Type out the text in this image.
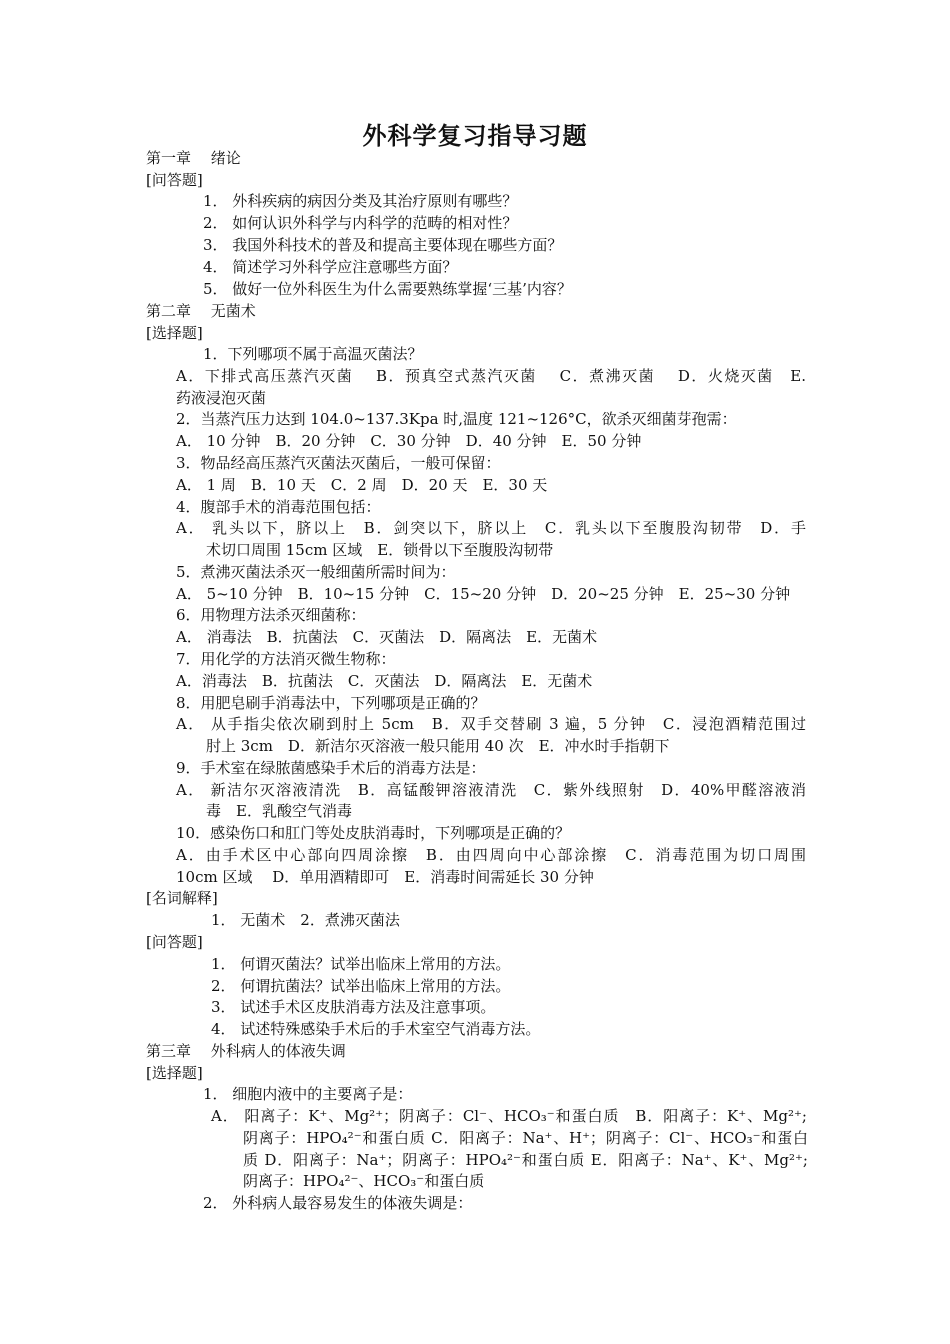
外科学复习指导习题
第一章　 绪论
[问答题]
1． 外科疾病的病因分类及其治疗原则有哪些？
2． 如何认识外科学与内科学的范畴的相对性？
3． 我国外科技术的普及和提高主要体现在哪些方面？
4． 简述学习外科学应注意哪些方面？
5． 做好一位外科医生为什么需要熟练掌握‘三基’内容？
第二章　 无菌术
[选择题]
1．下列哪项不属于高温灭菌法？
A．下排式高压蒸汽灭菌　 B．预真空式蒸汽灭菌　 C．煮沸灭菌　 D．火烧灭菌　E.
药液浸泡灭菌
2．当蒸汽压力达到 104.0~137.3Kpa 时,温度 121~126°C，欲杀灭细菌芽孢需：
A． 10 分钟　B．20 分钟　C．30 分钟　D．40 分钟　E．50 分钟
3．物品经高压蒸汽灭菌法灭菌后，一般可保留：
A． 1 周　B．10 天　C．2 周　D．20 天　E．30 天
4．腹部手术的消毒范围包括：
A． 乳头以下，脐以上　B．剑突以下，脐以上　C．乳头以下至腹股沟韧带　D．手
术切口周围 15cm 区域　E．锁骨以下至腹股沟韧带
5．煮沸灭菌法杀灭一般细菌所需时间为：
A． 5~10 分钟　B．10~15 分钟　C．15~20 分钟　D．20~25 分钟　E．25~30 分钟
6．用物理方法杀灭细菌称：
A． 消毒法　B．抗菌法　C．灭菌法　D．隔离法　E．无菌术
7．用化学的方法消灭微生物称：
A．消毒法　B．抗菌法　C．灭菌法　D．隔离法　E．无菌术
8．用肥皂刷手消毒法中，下列哪项是正确的？
A． 从手指尖依次刷到肘上 5cm　B．双手交替刷 3 遍，5 分钟　C．浸泡酒精范围过
肘上 3cm　D．新洁尔灭溶液一般只能用 40 次　E．冲水时手指朝下
9．手术室在绿脓菌感染手术后的消毒方法是：
A． 新洁尔灭溶液清洗　B．高锰酸钾溶液清洗　C．紫外线照射　D．40%甲醛溶液消
毒　E．乳酸空气消毒
10．感染伤口和肛门等处皮肤消毒时，下列哪项是正确的？
A．由手术区中心部向四周涂擦　B．由四周向中心部涂擦　C．消毒范围为切口周围
10cm 区域　 D．单用酒精即可　E．消毒时间需延长 30 分钟
[名词解释]
1． 无菌术　2．煮沸灭菌法
[问答题]
1． 何谓灭菌法？试举出临床上常用的方法。
2． 何谓抗菌法？试举出临床上常用的方法。
3． 试述手术区皮肤消毒方法及注意事项。
4． 试述特殊感染手术后的手术室空气消毒方法。
第三章　 外科病人的体液失调
[选择题]
1． 细胞内液中的主要离子是：
A． 阳离子：K⁺、Mg²⁺；阴离子：Cl⁻、HCO₃⁻和蛋白质　B．阳离子：K⁺、Mg²⁺;
阴离子：HPO₄²⁻和蛋白质 C．阳离子：Na⁺、H⁺；阴离子：Cl⁻、HCO₃⁻和蛋白
质 D．阳离子：Na⁺；阴离子：HPO₄²⁻和蛋白质 E．阳离子：Na⁺、K⁺、Mg²⁺;
阴离子：HPO₄²⁻、HCO₃⁻和蛋白质
2． 外科病人最容易发生的体液失调是：
